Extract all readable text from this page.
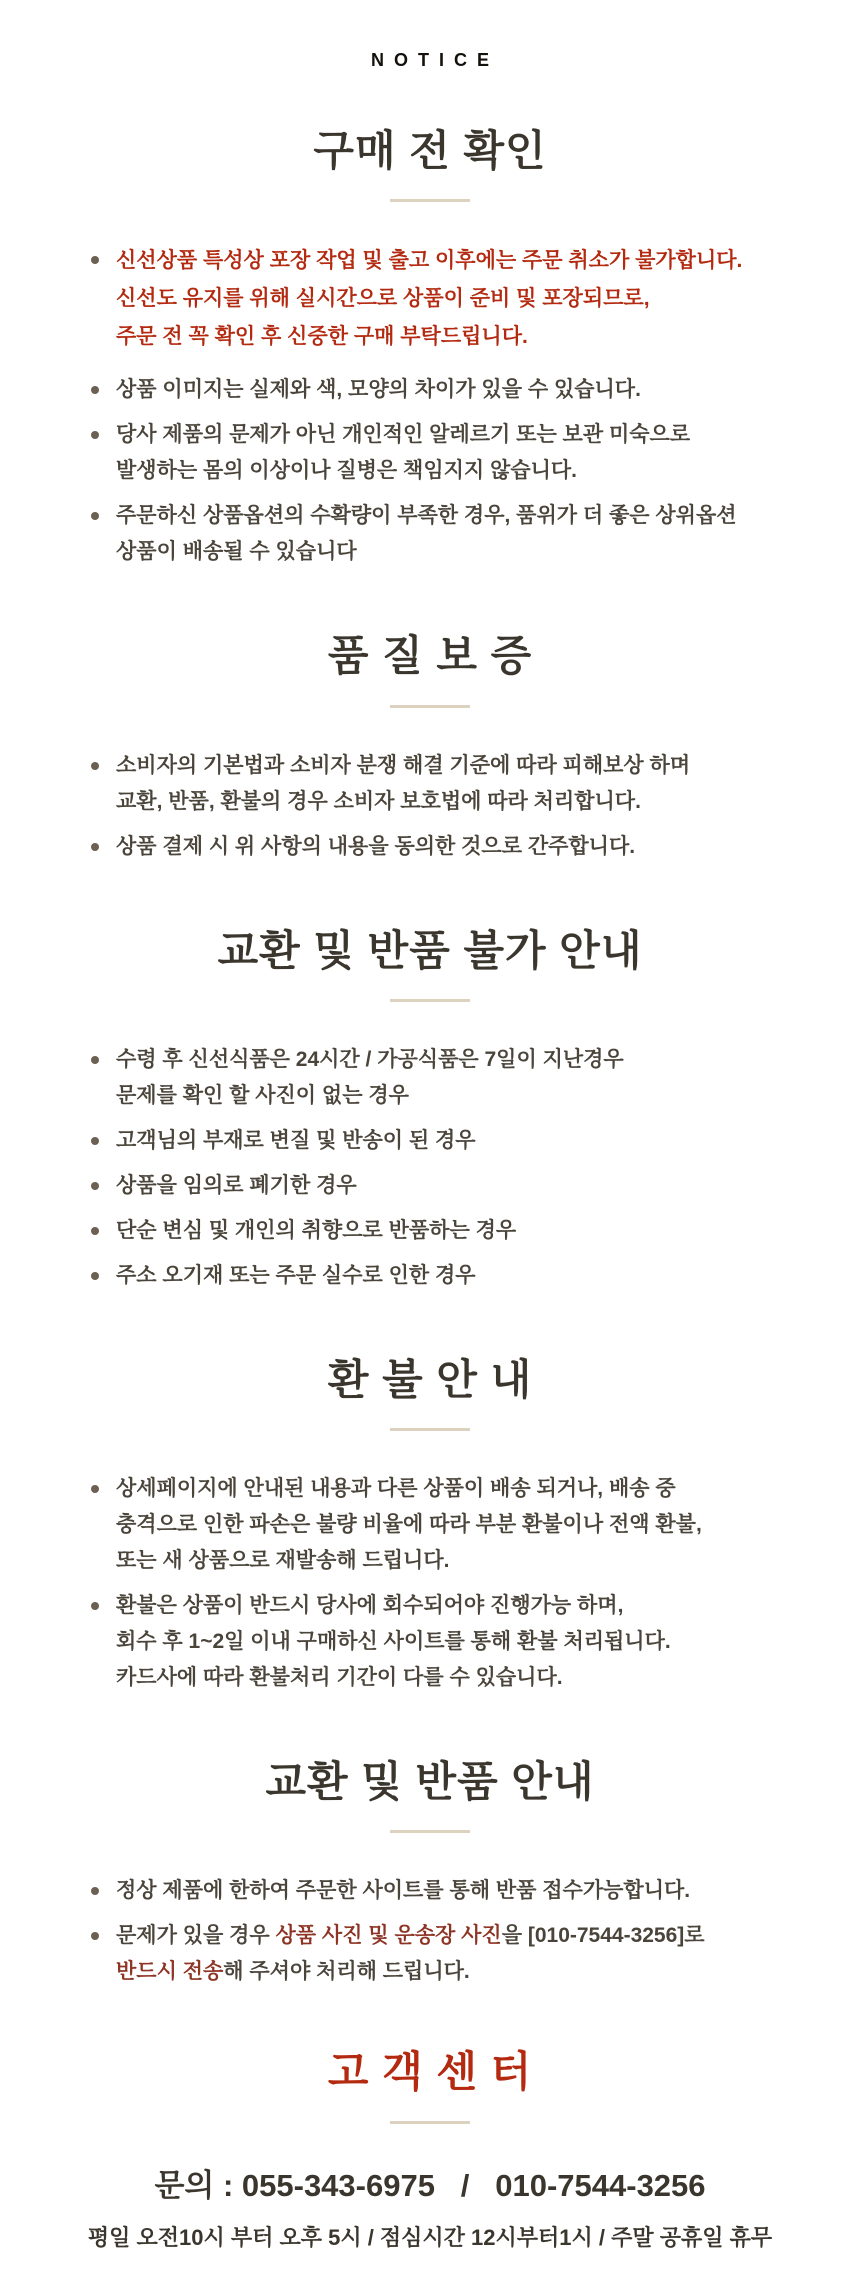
NOTICE
구매 전 확인
신선상품 특성상 포장 작업 및 출고 이후에는 주문 취소가 불가합니다.
신선도 유지를 위해 실시간으로 상품이 준비 및 포장되므로,
주문 전 꼭 확인 후 신중한 구매 부탁드립니다.
상품 이미지는 실제와 색, 모양의 차이가 있을 수 있습니다.
당사 제품의 문제가 아닌 개인적인 알레르기 또는 보관 미숙으로
발생하는 몸의 이상이나 질병은 책임지지 않습니다.
주문하신 상품옵션의 수확량이 부족한 경우, 품위가 더 좋은 상위옵션
상품이 배송될 수 있습니다
품 질 보 증
소비자의 기본법과 소비자 분쟁 해결 기준에 따라 피해보상 하며
교환, 반품, 환불의 경우 소비자 보호법에 따라 처리합니다.
상품 결제 시 위 사항의 내용을 동의한 것으로 간주합니다.
교환 및 반품 불가 안내
수령 후 신선식품은 24시간 / 가공식품은 7일이 지난경우
문제를 확인 할 사진이 없는 경우
고객님의 부재로 변질 및 반송이 된 경우
상품을 임의로 폐기한 경우
단순 변심 및 개인의 취향으로 반품하는 경우
주소 오기재 또는 주문 실수로 인한 경우
환 불 안 내
상세페이지에 안내된 내용과 다른 상품이 배송 되거나, 배송 중
충격으로 인한 파손은 불량 비율에 따라 부분 환불이나 전액 환불,
또는 새 상품으로 재발송해 드립니다.
환불은 상품이 반드시 당사에 회수되어야 진행가능 하며,
회수 후 1~2일 이내 구매하신 사이트를 통해 환불 처리됩니다.
카드사에 따라 환불처리 기간이 다를 수 있습니다.
교환 및 반품 안내
정상 제품에 한하여 주문한 사이트를 통해 반품 접수가능합니다.
문제가 있을 경우 상품 사진 및 운송장 사진을 [010-7544-3256]로
반드시 전송해 주셔야 처리해 드립니다.
고 객 센 터
문의 : 055-343-6975   /   010-7544-3256
평일 오전10시 부터 오후 5시 / 점심시간 12시부터1시 / 주말 공휴일 휴무
